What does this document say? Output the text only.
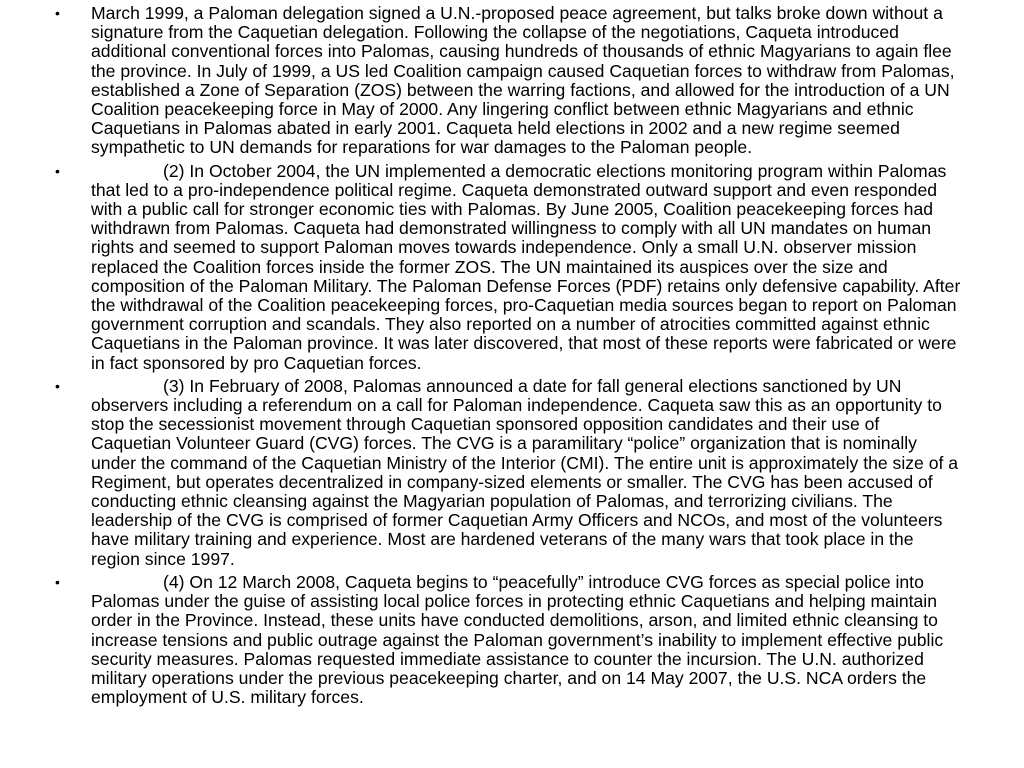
• March 1999, a Paloman delegation signed a U.N.-proposed peace agreement, but talks broke down without a signature from the Caquetian delegation. Following the collapse of the negotiations, Caqueta introduced additional conventional forces into Palomas, causing hundreds of thousands of ethnic Magyarians to again flee the province. In July of 1999, a US led Coalition campaign caused Caquetian forces to withdraw from Palomas, established a Zone of Separation (ZOS) between the warring factions, and allowed for the introduction of a UN Coalition peacekeeping force in May of 2000. Any lingering conflict between ethnic Magyarians and ethnic Caquetians in Palomas abated in early 2001. Caqueta held elections in 2002 and a new regime seemed sympathetic to UN demands for reparations for war damages to the Paloman people.
•	(2) In October 2004, the UN implemented a democratic elections monitoring program within Palomas that led to a pro-independence political regime. Caqueta demonstrated outward support and even responded with a public call for stronger economic ties with Palomas. By June 2005, Coalition peacekeeping forces had withdrawn from Palomas. Caqueta had demonstrated willingness to comply with all UN mandates on human rights and seemed to support Paloman moves towards independence. Only a small U.N. observer mission replaced the Coalition forces inside the former ZOS. The UN maintained its auspices over the size and composition of the Paloman Military. The Paloman Defense Forces (PDF) retains only defensive capability. After the withdrawal of the Coalition peacekeeping forces, pro-Caquetian media sources began to report on Paloman government corruption and scandals. They also reported on a number of atrocities committed against ethnic Caquetians in the Paloman province. It was later discovered, that most of these reports were fabricated or were in fact sponsored by pro Caquetian forces.
•	(3) In February of 2008, Palomas announced a date for fall general elections sanctioned by UN observers including a referendum on a call for Paloman independence. Caqueta saw this as an opportunity to stop the secessionist movement through Caquetian sponsored opposition candidates and their use of Caquetian Volunteer Guard (CVG) forces. The CVG is a paramilitary “police” organization that is nominally under the command of the Caquetian Ministry of the Interior (CMI). The entire unit is approximately the size of a Regiment, but operates decentralized in company-sized elements or smaller. The CVG has been accused of conducting ethnic cleansing against the Magyarian population of Palomas, and terrorizing civilians. The leadership of the CVG is comprised of former Caquetian Army Officers and NCOs, and most of the volunteers have military training and experience. Most are hardened veterans of the many wars that took place in the region since 1997.
•	(4) On 12 March 2008, Caqueta begins to “peacefully” introduce CVG forces as special police into Palomas under the guise of assisting local police forces in protecting ethnic Caquetians and helping maintain order in the Province. Instead, these units have conducted demolitions, arson, and limited ethnic cleansing to increase tensions and public outrage against the Paloman government’s inability to implement effective public security measures. Palomas requested immediate assistance to counter the incursion. The U.N. authorized military operations under the previous peacekeeping charter, and on 14 May 2007, the U.S. NCA orders the employment of U.S. military forces.
